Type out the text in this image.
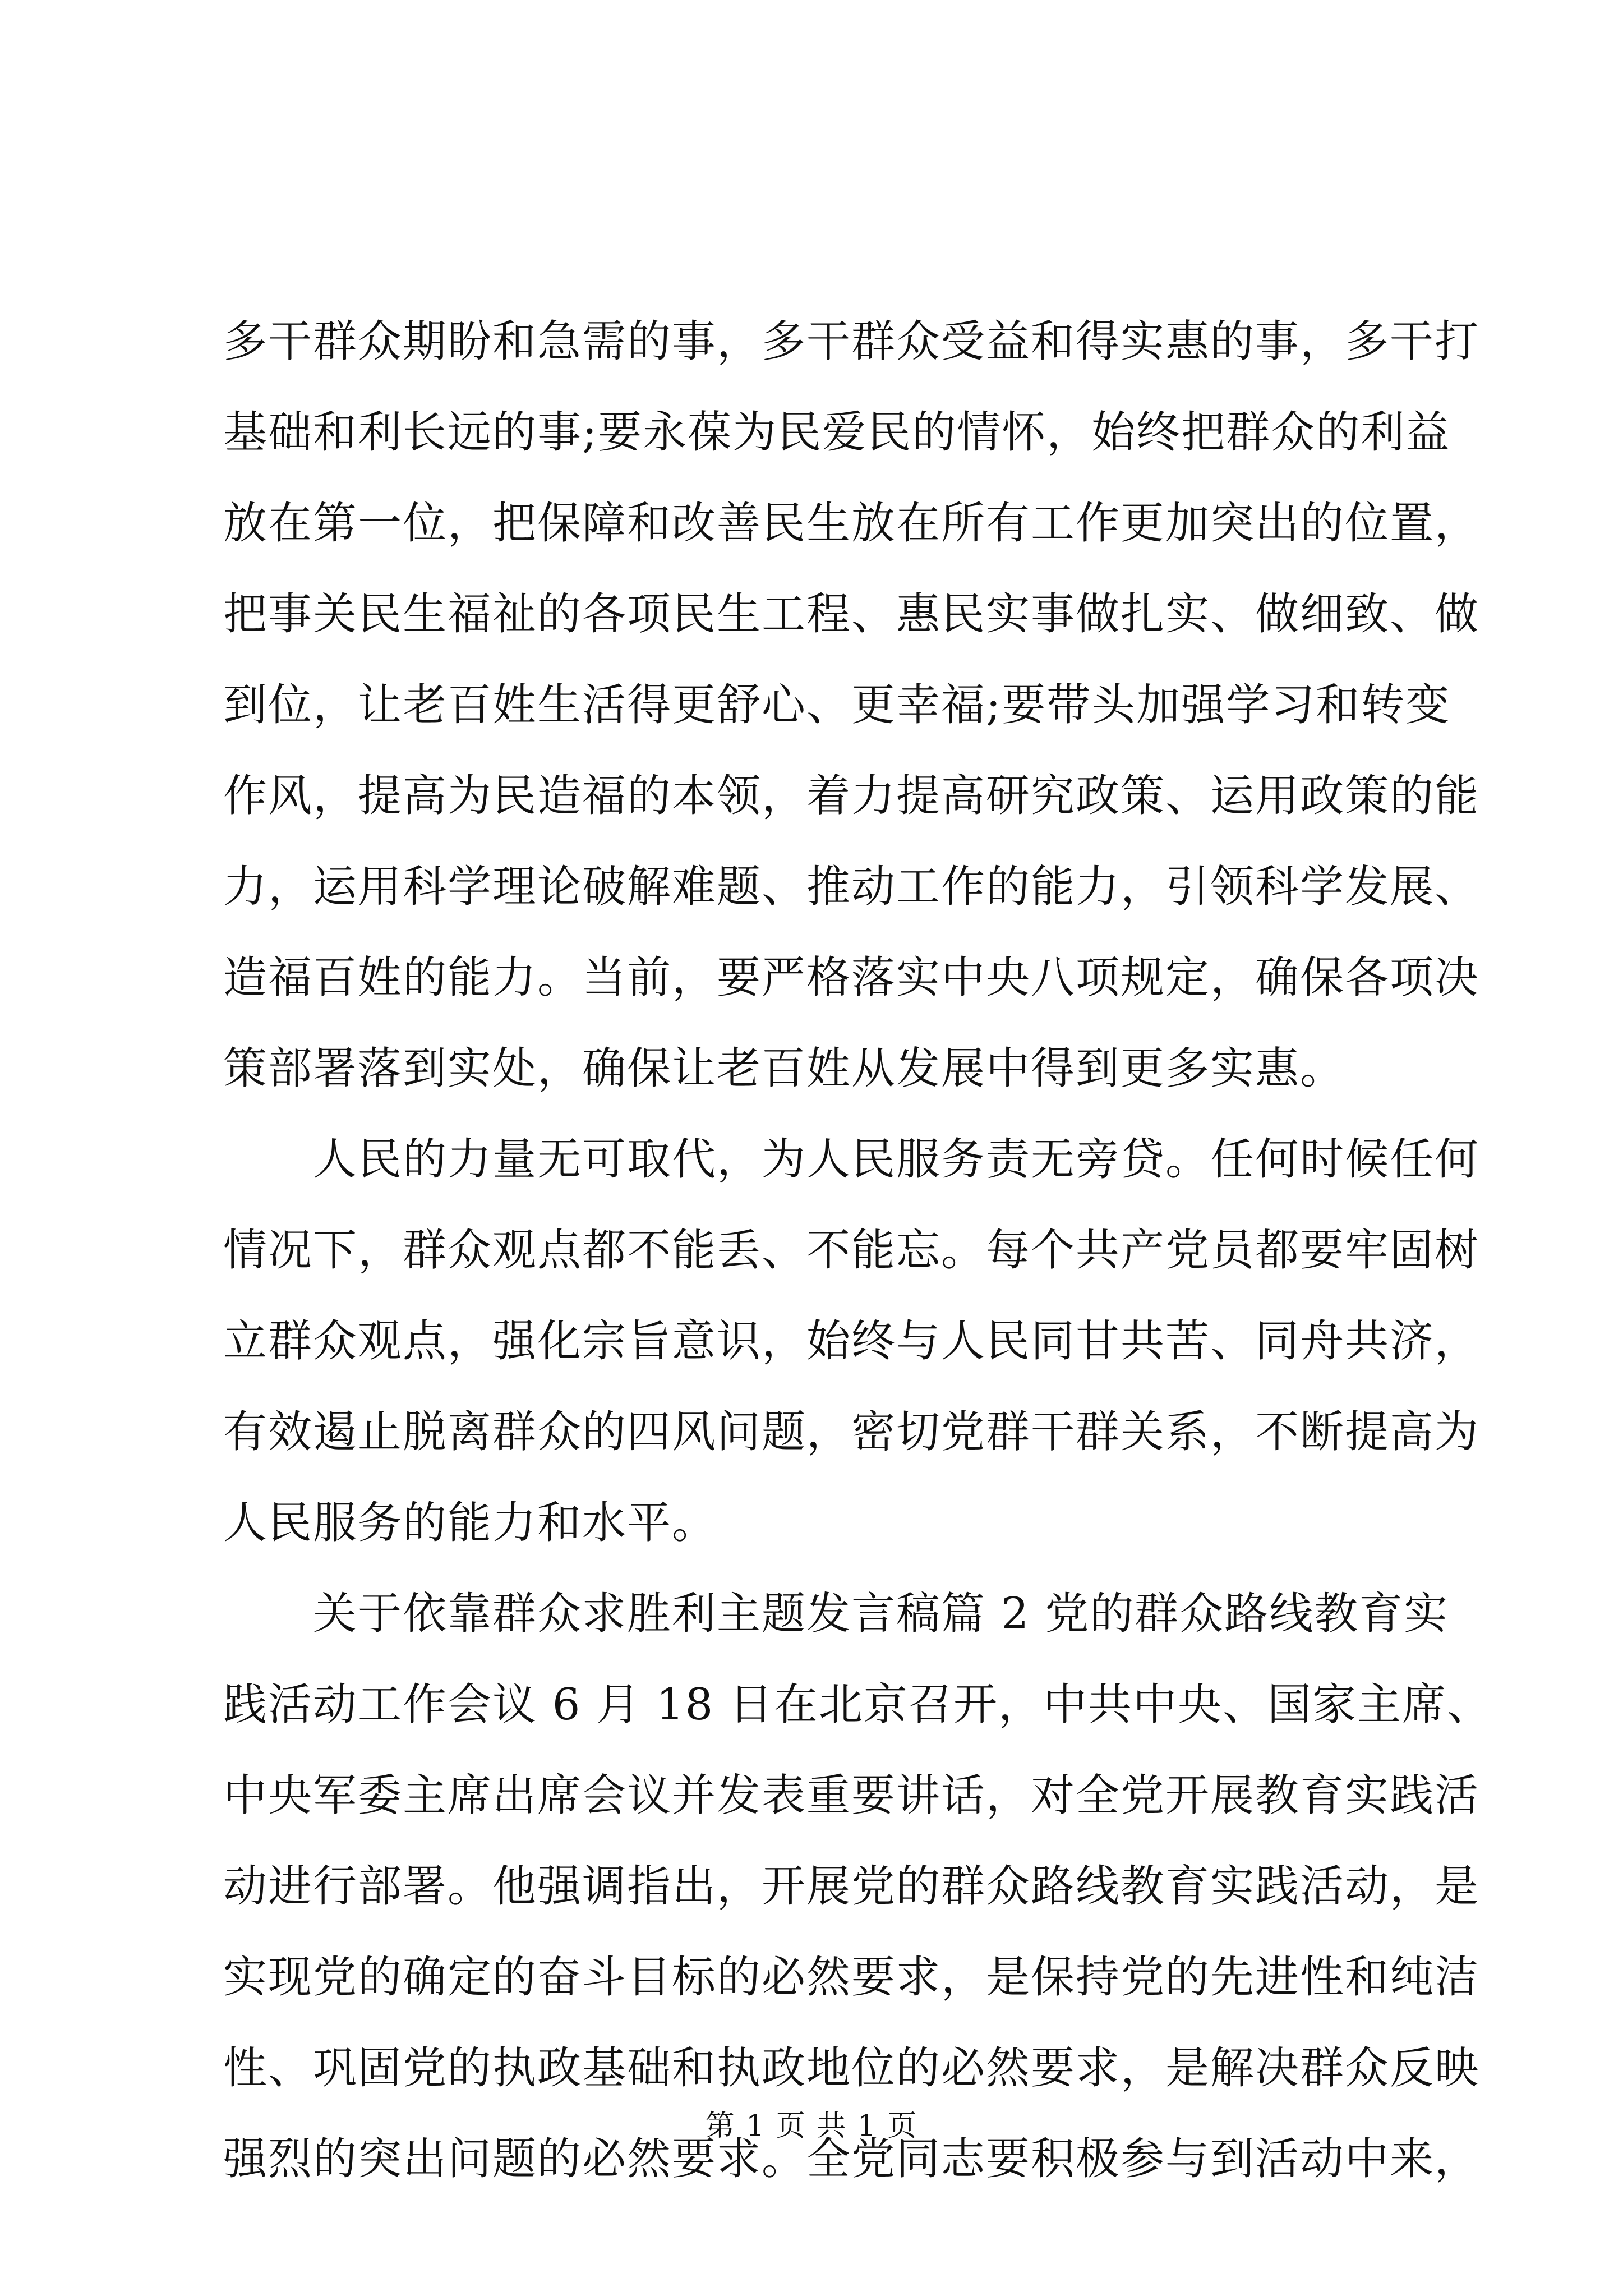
多干群众期盼和急需的事，多干群众受益和得实惠的事，多干打
基础和利长远的事;要永葆为民爱民的情怀，始终把群众的利益
放在第一位，把保障和改善民生放在所有工作更加突出的位置，
把事关民生福祉的各项民生工程、惠民实事做扎实、做细致、做
到位，让老百姓生活得更舒心、更幸福;要带头加强学习和转变
作风，提高为民造福的本领，着力提高研究政策、运用政策的能
力，运用科学理论破解难题、推动工作的能力，引领科学发展、
造福百姓的能力。当前，要严格落实中央八项规定，确保各项决
策部署落到实处，确保让老百姓从发展中得到更多实惠。
人民的力量无可取代，为人民服务责无旁贷。任何时候任何
情况下，群众观点都不能丢、不能忘。每个共产党员都要牢固树
立群众观点，强化宗旨意识，始终与人民同甘共苦、同舟共济，
有效遏止脱离群众的四风问题，密切党群干群关系，不断提高为
人民服务的能力和水平。
关于依靠群众求胜利主题发言稿篇 2 党的群众路线教育实
践活动工作会议 6 月 18 日在北京召开，中共中央、国家主席、
中央军委主席出席会议并发表重要讲话，对全党开展教育实践活
动进行部署。他强调指出，开展党的群众路线教育实践活动，是
实现党的确定的奋斗目标的必然要求，是保持党的先进性和纯洁
性、巩固党的执政基础和执政地位的必然要求，是解决群众反映
强烈的突出问题的必然要求。全党同志要积极参与到活动中来，
第 1 页 共 1 页
